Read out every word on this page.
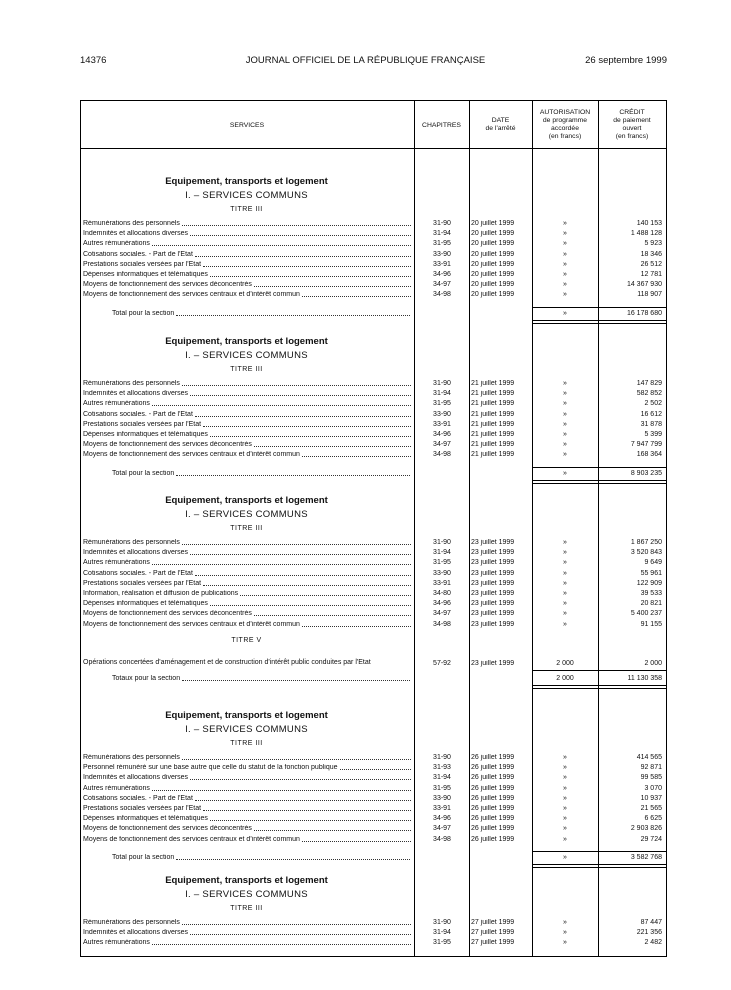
14376	JOURNAL OFFICIEL DE LA RÉPUBLIQUE FRANÇAISE	26 septembre 1999
SERVICES	CHAPITRES
DATE
de l'arrêté
AUTORISATION
de programme
accordée
(en francs)
CRÉDIT
de paiement
ouvert
(en francs)
Equipement, transports et logement
I. – SERVICES COMMUNS
TITRE III
Rémunérations des personnels	31-90	20 juillet 1999	»	140 153
Indemnités et allocations diverses	31-94	20 juillet 1999	»	1 488 128
Autres rémunérations	31-95	20 juillet 1999	»	5 923
Cotisations sociales. - Part de l'Etat	33-90	20 juillet 1999	»	18 346
Prestations sociales versées par l'Etat	33-91	20 juillet 1999	»	26 512
Dépenses informatiques et télématiques	34-96	20 juillet 1999	»	12 781
Moyens de fonctionnement des services déconcentrés	34-97	20 juillet 1999	»	14 367 930
Moyens de fonctionnement des services centraux et d'intérêt commun	34-98	20 juillet 1999	»	118 907
Total pour la section	»	16 178 680
Equipement, transports et logement
I. – SERVICES COMMUNS
TITRE III
Rémunérations des personnels	31-90	21 juillet 1999	»	147 829
Indemnités et allocations diverses	31-94	21 juillet 1999	»	582 852
Autres rémunérations	31-95	21 juillet 1999	»	2 502
Cotisations sociales. - Part de l'Etat	33-90	21 juillet 1999	»	16 612
Prestations sociales versées par l'Etat	33-91	21 juillet 1999	»	31 878
Dépenses informatiques et télématiques	34-96	21 juillet 1999	»	5 399
Moyens de fonctionnement des services déconcentrés	34-97	21 juillet 1999	»	7 947 799
Moyens de fonctionnement des services centraux et d'intérêt commun	34-98	21 juillet 1999	»	168 364
Total pour la section	»	8 903 235
Equipement, transports et logement
I. – SERVICES COMMUNS
TITRE III
Rémunérations des personnels	31-90	23 juillet 1999	»	1 867 250
Indemnités et allocations diverses	31-94	23 juillet 1999	»	3 520 843
Autres rémunérations	31-95	23 juillet 1999	»	9 649
Cotisations sociales. - Part de l'Etat	33-90	23 juillet 1999	»	55 961
Prestations sociales versées par l'Etat	33-91	23 juillet 1999	»	122 909
Information, réalisation et diffusion de publications	34-80	23 juillet 1999	»	39 533
Dépenses informatiques et télématiques	34-96	23 juillet 1999	»	20 821
Moyens de fonctionnement des services déconcentrés	34-97	23 juillet 1999	»	5 400 237
Moyens de fonctionnement des services centraux et d'intérêt commun	34-98	23 juillet 1999	»	91 155
TITRE V
Opérations concertées d'aménagement et de construction d'intérêt public conduites par l'Etat	57-92	23 juillet 1999	2 000	2 000
Totaux pour la section	2 000	11 130 358
Equipement, transports et logement
I. – SERVICES COMMUNS
TITRE III
Rémunérations des personnels	31-90	26 juillet 1999	»	414 565
Personnel rémunéré sur une base autre que celle du statut de la fonction publique	31-93	26 juillet 1999	»	92 871
Indemnités et allocations diverses	31-94	26 juillet 1999	»	99 585
Autres rémunérations	31-95	26 juillet 1999	»	3 070
Cotisations sociales. - Part de l'Etat	33-90	26 juillet 1999	»	10 937
Prestations sociales versées par l'Etat	33-91	26 juillet 1999	»	21 565
Dépenses informatiques et télématiques	34-96	26 juillet 1999	»	6 625
Moyens de fonctionnement des services déconcentrés	34-97	26 juillet 1999	»	2 903 826
Moyens de fonctionnement des services centraux et d'intérêt commun	34-98	26 juillet 1999	»	29 724
Total pour la section	»	3 582 768
Equipement, transports et logement
I. – SERVICES COMMUNS
TITRE III
Rémunérations des personnels	31-90	27 juillet 1999	»	87 447
Indemnités et allocations diverses	31-94	27 juillet 1999	»	221 356
Autres rémunérations	31-95	27 juillet 1999	»	2 482
